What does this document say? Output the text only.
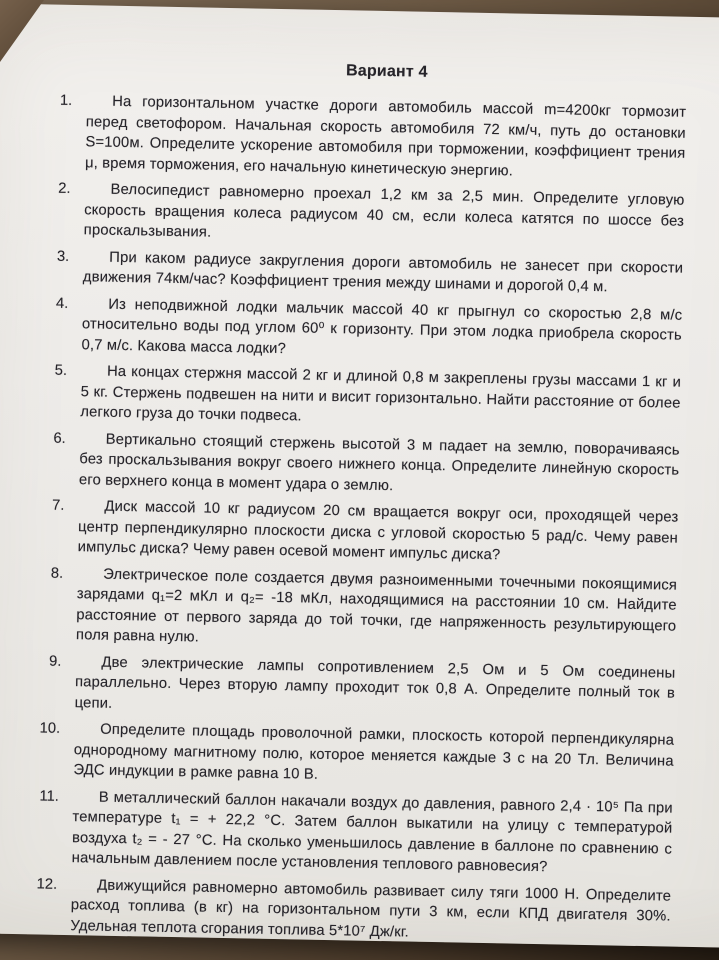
Вариант 4
1.	На горизонтальном участке дороги автомобиль массой m=4200кг тормозит перед светофором. Начальная скорость автомобиля 72 км/ч, путь до остановки S=100м. Определите ускорение автомобиля при торможении, коэффициент трения μ, время торможения, его начальную кинетическую энергию.

2.	Велосипедист равномерно проехал 1,2 км за 2,5 мин. Определите угловую скорость вращения колеса радиусом 40 см, если колеса катятся по шоссе без проскальзывания.

3.	При каком радиусе закругления дороги автомобиль не занесет при скорости движения 74км/час? Коэффициент трения между шинами и дорогой 0,4 м.

4.	Из неподвижной лодки мальчик массой 40 кг прыгнул со скоростью 2,8 м/с относительно воды под углом 60⁰ к горизонту. При этом лодка приобрела скорость 0,7 м/с. Какова масса лодки?

5.	На концах стержня массой 2 кг и длиной 0,8 м закреплены грузы массами 1 кг и 5 кг. Стержень подвешен на нити и висит горизонтально. Найти расстояние от более легкого груза до точки подвеса.

6.	Вертикально стоящий стержень высотой 3 м падает на землю, поворачиваясь без проскальзывания вокруг своего нижнего конца. Определите линейную скорость его верхнего конца в момент удара о землю.

7.	Диск массой 10 кг радиусом 20 см вращается вокруг оси, проходящей через центр перпендикулярно плоскости диска с угловой скоростью 5 рад/с. Чему равен импульс диска? Чему равен осевой момент импульс диска?

8.	Электрическое поле создается двумя разноименными точечными покоящимися зарядами q₁=2 мКл и q₂= -18 мКл, находящимися на расстоянии 10 см. Найдите расстояние от первого заряда до той точки, где напряженность результирующего поля равна нулю.

9.	Две электрические лампы сопротивлением 2,5 Ом и 5 Ом соединены параллельно. Через вторую лампу проходит ток 0,8 А. Определите полный ток в цепи.

10.	Определите площадь проволочной рамки, плоскость которой перпендикулярна однородному магнитному полю, которое меняется каждые 3 с на 20 Тл. Величина ЭДС индукции в рамке равна 10 В.

11.	В металлический баллон накачали воздух до давления, равного 2,4 · 10⁵ Па при температуре t₁ = + 22,2 °С. Затем баллон выкатили на улицу с температурой воздуха t₂ = - 27 °С. На сколько уменьшилось давление в баллоне по сравнению с начальным давлением после установления теплового равновесия?

12.	Движущийся равномерно автомобиль развивает силу тяги 1000 Н. Определите расход топлива (в кг) на горизонтальном пути 3 км, если КПД двигателя 30%. Удельная теплота сгорания топлива 5*10⁷ Дж/кг.
